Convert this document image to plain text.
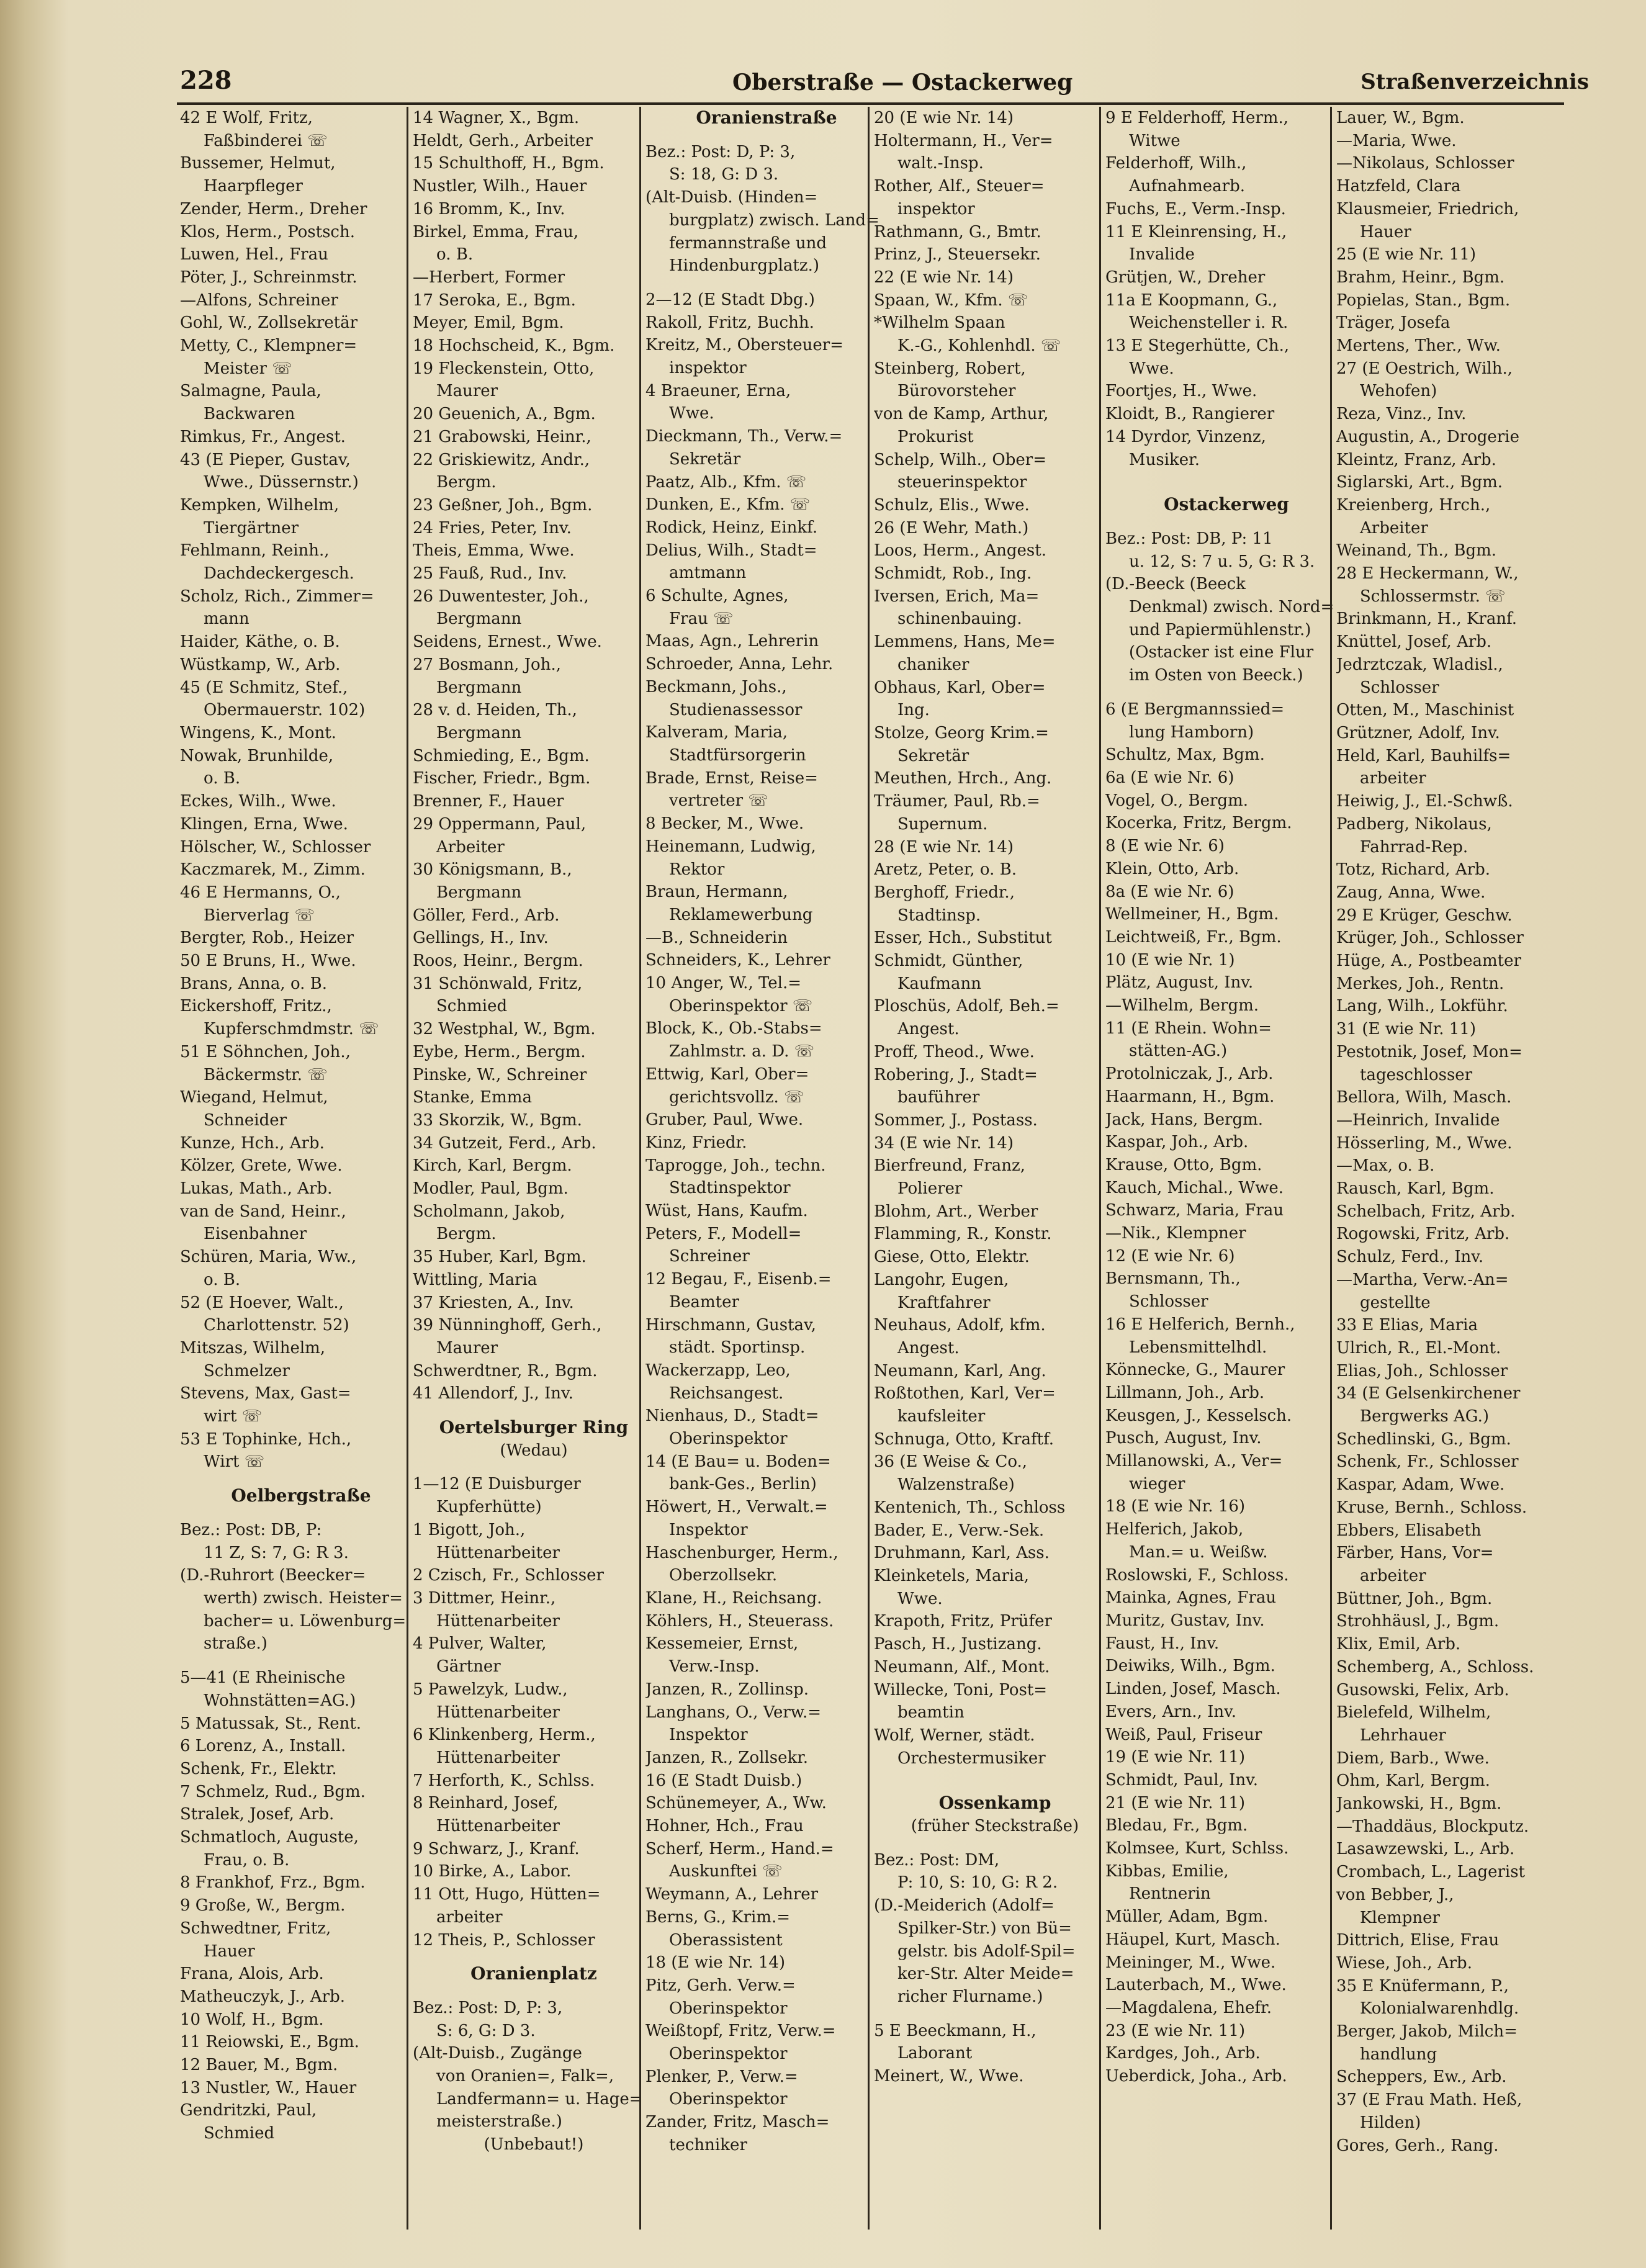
228	Oberstraße — Ostackerweg	Straßenverzeichnis
42 E Wolf, Fritz,
Faßbinderei ☏
Bussemer, Helmut,
Haarpfleger
Zender, Herm., Dreher
Klos, Herm., Postsch.
Luwen, Hel., Frau
Pöter, J., Schreinmstr.
—Alfons, Schreiner
Gohl, W., Zollsekretär
Metty, C., Klempner=
Meister ☏
Salmagne, Paula,
Backwaren
Rimkus, Fr., Angest.
43 (E Pieper, Gustav,
Wwe., Düssernstr.)
Kempken, Wilhelm,
Tiergärtner
Fehlmann, Reinh.,
Dachdeckergesch.
Scholz, Rich., Zimmer=
mann
Haider, Käthe, o. B.
Wüstkamp, W., Arb.
45 (E Schmitz, Stef.,
Obermauerstr. 102)
Wingens, K., Mont.
Nowak, Brunhilde,
o. B.
Eckes, Wilh., Wwe.
Klingen, Erna, Wwe.
Hölscher, W., Schlosser
Kaczmarek, M., Zimm.
46 E Hermanns, O.,
Bierverlag ☏
Bergter, Rob., Heizer
50 E Bruns, H., Wwe.
Brans, Anna, o. B.
Eickershoff, Fritz.,
Kupferschmdmstr. ☏
51 E Söhnchen, Joh.,
Bäckermstr. ☏
Wiegand, Helmut,
Schneider
Kunze, Hch., Arb.
Kölzer, Grete, Wwe.
Lukas, Math., Arb.
van de Sand, Heinr.,
Eisenbahner
Schüren, Maria, Ww.,
o. B.
52 (E Hoever, Walt.,
Charlottenstr. 52)
Mitszas, Wilhelm,
Schmelzer
Stevens, Max, Gast=
wirt ☏
53 E Tophinke, Hch.,
Wirt ☏
Oelbergstraße
Bez.: Post: DB, P:
11 Z, S: 7, G: R 3.
(D.-Ruhrort (Beecker=
werth) zwisch. Heister=
bacher= u. Löwenburg=
straße.)
5—41 (E Rheinische
Wohnstätten=AG.)
5 Matussak, St., Rent.
6 Lorenz, A., Install.
Schenk, Fr., Elektr.
7 Schmelz, Rud., Bgm.
Stralek, Josef, Arb.
Schmatloch, Auguste,
Frau, o. B.
8 Frankhof, Frz., Bgm.
9 Große, W., Bergm.
Schwedtner, Fritz,
Hauer
Frana, Alois, Arb.
Matheuczyk, J., Arb.
10 Wolf, H., Bgm.
11 Reiowski, E., Bgm.
12 Bauer, M., Bgm.
13 Nustler, W., Hauer
Gendritzki, Paul,
Schmied
14 Wagner, X., Bgm.
Heldt, Gerh., Arbeiter
15 Schulthoff, H., Bgm.
Nustler, Wilh., Hauer
16 Bromm, K., Inv.
Birkel, Emma, Frau,
o. B.
—Herbert, Former
17 Seroka, E., Bgm.
Meyer, Emil, Bgm.
18 Hochscheid, K., Bgm.
19 Fleckenstein, Otto,
Maurer
20 Geuenich, A., Bgm.
21 Grabowski, Heinr.,
22 Griskiewitz, Andr.,
Bergm.
23 Geßner, Joh., Bgm.
24 Fries, Peter, Inv.
Theis, Emma, Wwe.
25 Fauß, Rud., Inv.
26 Duwentester, Joh.,
Bergmann
Seidens, Ernest., Wwe.
27 Bosmann, Joh.,
Bergmann
28 v. d. Heiden, Th.,
Bergmann
Schmieding, E., Bgm.
Fischer, Friedr., Bgm.
Brenner, F., Hauer
29 Oppermann, Paul,
Arbeiter
30 Königsmann, B.,
Bergmann
Göller, Ferd., Arb.
Gellings, H., Inv.
Roos, Heinr., Bergm.
31 Schönwald, Fritz,
Schmied
32 Westphal, W., Bgm.
Eybe, Herm., Bergm.
Pinske, W., Schreiner
Stanke, Emma
33 Skorzik, W., Bgm.
34 Gutzeit, Ferd., Arb.
Kirch, Karl, Bergm.
Modler, Paul, Bgm.
Scholmann, Jakob,
Bergm.
35 Huber, Karl, Bgm.
Wittling, Maria
37 Kriesten, A., Inv.
39 Nünninghoff, Gerh.,
Maurer
Schwerdtner, R., Bgm.
41 Allendorf, J., Inv.
Oertelsburger Ring
(Wedau)
1—12 (E Duisburger
Kupferhütte)
1 Bigott, Joh.,
Hüttenarbeiter
2 Czisch, Fr., Schlosser
3 Dittmer, Heinr.,
Hüttenarbeiter
4 Pulver, Walter,
Gärtner
5 Pawelzyk, Ludw.,
Hüttenarbeiter
6 Klinkenberg, Herm.,
Hüttenarbeiter
7 Herforth, K., Schlss.
8 Reinhard, Josef,
Hüttenarbeiter
9 Schwarz, J., Kranf.
10 Birke, A., Labor.
11 Ott, Hugo, Hütten=
arbeiter
12 Theis, P., Schlosser
Oranienplatz
Bez.: Post: D, P: 3,
S: 6, G: D 3.
(Alt-Duisb., Zugänge
von Oranien=, Falk=,
Landfermann= u. Hage=
meisterstraße.)
(Unbebaut!)
Oranienstraße
Bez.: Post: D, P: 3,
S: 18, G: D 3.
(Alt-Duisb. (Hinden=
burgplatz) zwisch. Land=
fermannstraße und
Hindenburgplatz.)
2—12 (E Stadt Dbg.)
Rakoll, Fritz, Buchh.
Kreitz, M., Obersteuer=
inspektor
4 Braeuner, Erna,
Wwe.
Dieckmann, Th., Verw.=
Sekretär
Paatz, Alb., Kfm. ☏
Dunken, E., Kfm. ☏
Rodick, Heinz, Einkf.
Delius, Wilh., Stadt=
amtmann
6 Schulte, Agnes,
Frau ☏
Maas, Agn., Lehrerin
Schroeder, Anna, Lehr.
Beckmann, Johs.,
Studienassessor
Kalveram, Maria,
Stadtfürsorgerin
Brade, Ernst, Reise=
vertreter ☏
8 Becker, M., Wwe.
Heinemann, Ludwig,
Rektor
Braun, Hermann,
Reklamewerbung
—B., Schneiderin
Schneiders, K., Lehrer
10 Anger, W., Tel.=
Oberinspektor ☏
Block, K., Ob.-Stabs=
Zahlmstr. a. D. ☏
Ettwig, Karl, Ober=
gerichtsvollz. ☏
Gruber, Paul, Wwe.
Kinz, Friedr.
Taprogge, Joh., techn.
Stadtinspektor
Wüst, Hans, Kaufm.
Peters, F., Modell=
Schreiner
12 Begau, F., Eisenb.=
Beamter
Hirschmann, Gustav,
städt. Sportinsp.
Wackerzapp, Leo,
Reichsangest.
Nienhaus, D., Stadt=
Oberinspektor
14 (E Bau= u. Boden=
bank-Ges., Berlin)
Höwert, H., Verwalt.=
Inspektor
Haschenburger, Herm.,
Oberzollsekr.
Klane, H., Reichsang.
Köhlers, H., Steuerass.
Kessemeier, Ernst,
Verw.-Insp.
Janzen, R., Zollinsp.
Langhans, O., Verw.=
Inspektor
Janzen, R., Zollsekr.
16 (E Stadt Duisb.)
Schünemeyer, A., Ww.
Hohner, Hch., Frau
Scherf, Herm., Hand.=
Auskunftei ☏
Weymann, A., Lehrer
Berns, G., Krim.=
Oberassistent
18 (E wie Nr. 14)
Pitz, Gerh. Verw.=
Oberinspektor
Weißtopf, Fritz, Verw.=
Oberinspektor
Plenker, P., Verw.=
Oberinspektor
Zander, Fritz, Masch=
techniker
20 (E wie Nr. 14)
Holtermann, H., Ver=
walt.-Insp.
Rother, Alf., Steuer=
inspektor
Rathmann, G., Bmtr.
Prinz, J., Steuersekr.
22 (E wie Nr. 14)
Spaan, W., Kfm. ☏
*Wilhelm Spaan
K.-G., Kohlenhdl. ☏
Steinberg, Robert,
Bürovorsteher
von de Kamp, Arthur,
Prokurist
Schelp, Wilh., Ober=
steuerinspektor
Schulz, Elis., Wwe.
26 (E Wehr, Math.)
Loos, Herm., Angest.
Schmidt, Rob., Ing.
Iversen, Erich, Ma=
schinenbauing.
Lemmens, Hans, Me=
chaniker
Obhaus, Karl, Ober=
Ing.
Stolze, Georg Krim.=
Sekretär
Meuthen, Hrch., Ang.
Träumer, Paul, Rb.=
Supernum.
28 (E wie Nr. 14)
Aretz, Peter, o. B.
Berghoff, Friedr.,
Stadtinsp.
Esser, Hch., Substitut
Schmidt, Günther,
Kaufmann
Ploschüs, Adolf, Beh.=
Angest.
Proff, Theod., Wwe.
Robering, J., Stadt=
bauführer
Sommer, J., Postass.
34 (E wie Nr. 14)
Bierfreund, Franz,
Polierer
Blohm, Art., Werber
Flamming, R., Konstr.
Giese, Otto, Elektr.
Langohr, Eugen,
Kraftfahrer
Neuhaus, Adolf, kfm.
Angest.
Neumann, Karl, Ang.
Roßtothen, Karl, Ver=
kaufsleiter
Schnuga, Otto, Kraftf.
36 (E Weise & Co.,
Walzenstraße)
Kentenich, Th., Schloss
Bader, E., Verw.-Sek.
Druhmann, Karl, Ass.
Kleinketels, Maria,
Wwe.
Krapoth, Fritz, Prüfer
Pasch, H., Justizang.
Neumann, Alf., Mont.
Willecke, Toni, Post=
beamtin
Wolf, Werner, städt.
Orchestermusiker
Ossenkamp
(früher Steckstraße)
Bez.: Post: DM,
P: 10, S: 10, G: R 2.
(D.-Meiderich (Adolf=
Spilker-Str.) von Bü=
gelstr. bis Adolf-Spil=
ker-Str. Alter Meide=
richer Flurname.)
5 E Beeckmann, H.,
Laborant
Meinert, W., Wwe.
9 E Felderhoff, Herm.,
Witwe
Felderhoff, Wilh.,
Aufnahmearb.
Fuchs, E., Verm.-Insp.
11 E Kleinrensing, H.,
Invalide
Grütjen, W., Dreher
11a E Koopmann, G.,
Weichensteller i. R.
13 E Stegerhütte, Ch.,
Wwe.
Foortjes, H., Wwe.
Kloidt, B., Rangierer
14 Dyrdor, Vinzenz,
Musiker.
Ostackerweg
Bez.: Post: DB, P: 11
u. 12, S: 7 u. 5, G: R 3.
(D.-Beeck (Beeck
Denkmal) zwisch. Nord=
und Papiermühlenstr.)
(Ostacker ist eine Flur
im Osten von Beeck.)
6 (E Bergmannssied=
lung Hamborn)
Schultz, Max, Bgm.
6a (E wie Nr. 6)
Vogel, O., Bergm.
Kocerka, Fritz, Bergm.
8 (E wie Nr. 6)
Klein, Otto, Arb.
8a (E wie Nr. 6)
Wellmeiner, H., Bgm.
Leichtweiß, Fr., Bgm.
10 (E wie Nr. 1)
Plätz, August, Inv.
—Wilhelm, Bergm.
11 (E Rhein. Wohn=
stätten-AG.)
Protolniczak, J., Arb.
Haarmann, H., Bgm.
Jack, Hans, Bergm.
Kaspar, Joh., Arb.
Krause, Otto, Bgm.
Kauch, Michal., Wwe.
Schwarz, Maria, Frau
—Nik., Klempner
12 (E wie Nr. 6)
Bernsmann, Th.,
Schlosser
16 E Helferich, Bernh.,
Lebensmittelhdl.
Könnecke, G., Maurer
Lillmann, Joh., Arb.
Keusgen, J., Kesselsch.
Pusch, August, Inv.
Millanowski, A., Ver=
wieger
18 (E wie Nr. 16)
Helferich, Jakob,
Man.= u. Weißw.
Roslowski, F., Schloss.
Mainka, Agnes, Frau
Muritz, Gustav, Inv.
Faust, H., Inv.
Deiwiks, Wilh., Bgm.
Linden, Josef, Masch.
Evers, Arn., Inv.
Weiß, Paul, Friseur
19 (E wie Nr. 11)
Schmidt, Paul, Inv.
21 (E wie Nr. 11)
Bledau, Fr., Bgm.
Kolmsee, Kurt, Schlss.
Kibbas, Emilie,
Rentnerin
Müller, Adam, Bgm.
Häupel, Kurt, Masch.
Meininger, M., Wwe.
Lauterbach, M., Wwe.
—Magdalena, Ehefr.
23 (E wie Nr. 11)
Kardges, Joh., Arb.
Ueberdick, Joha., Arb.
Lauer, W., Bgm.
—Maria, Wwe.
—Nikolaus, Schlosser
Hatzfeld, Clara
Klausmeier, Friedrich,
Hauer
25 (E wie Nr. 11)
Brahm, Heinr., Bgm.
Popielas, Stan., Bgm.
Träger, Josefa
Mertens, Ther., Ww.
27 (E Oestrich, Wilh.,
Wehofen)
Reza, Vinz., Inv.
Augustin, A., Drogerie
Kleintz, Franz, Arb.
Siglarski, Art., Bgm.
Kreienberg, Hrch.,
Arbeiter
Weinand, Th., Bgm.
28 E Heckermann, W.,
Schlossermstr. ☏
Brinkmann, H., Kranf.
Knüttel, Josef, Arb.
Jedrztczak, Wladisl.,
Schlosser
Otten, M., Maschinist
Grützner, Adolf, Inv.
Held, Karl, Bauhilfs=
arbeiter
Heiwig, J., El.-Schwß.
Padberg, Nikolaus,
Fahrrad-Rep.
Totz, Richard, Arb.
Zaug, Anna, Wwe.
29 E Krüger, Geschw.
Krüger, Joh., Schlosser
Hüge, A., Postbeamter
Merkes, Joh., Rentn.
Lang, Wilh., Lokführ.
31 (E wie Nr. 11)
Pestotnik, Josef, Mon=
tageschlosser
Bellora, Wilh, Masch.
—Heinrich, Invalide
Hösserling, M., Wwe.
—Max, o. B.
Rausch, Karl, Bgm.
Schelbach, Fritz, Arb.
Rogowski, Fritz, Arb.
Schulz, Ferd., Inv.
—Martha, Verw.-An=
gestellte
33 E Elias, Maria
Ulrich, R., El.-Mont.
Elias, Joh., Schlosser
34 (E Gelsenkirchener
Bergwerks AG.)
Schedlinski, G., Bgm.
Schenk, Fr., Schlosser
Kaspar, Adam, Wwe.
Kruse, Bernh., Schloss.
Ebbers, Elisabeth
Färber, Hans, Vor=
arbeiter
Büttner, Joh., Bgm.
Strohhäusl, J., Bgm.
Klix, Emil, Arb.
Schemberg, A., Schloss.
Gusowski, Felix, Arb.
Bielefeld, Wilhelm,
Lehrhauer
Diem, Barb., Wwe.
Ohm, Karl, Bergm.
Jankowski, H., Bgm.
—Thaddäus, Blockputz.
Lasawzewski, L., Arb.
Crombach, L., Lagerist
von Bebber, J.,
Klempner
Dittrich, Elise, Frau
Wiese, Joh., Arb.
35 E Knüfermann, P.,
Kolonialwarenhdlg.
Berger, Jakob, Milch=
handlung
Scheppers, Ew., Arb.
37 (E Frau Math. Heß,
Hilden)
Gores, Gerh., Rang.
